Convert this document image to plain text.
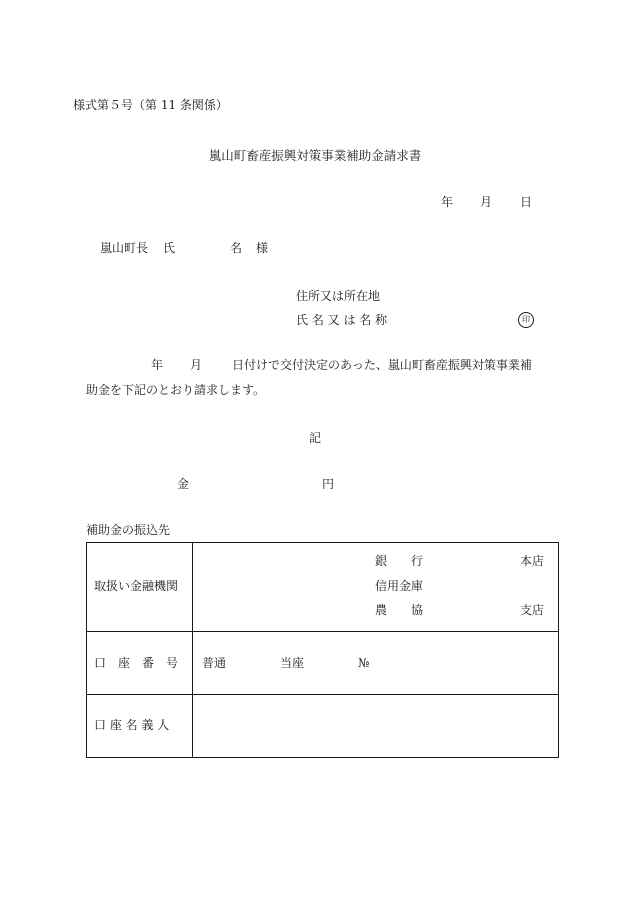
様式第５号（第 11 条関係）
嵐山町畜産振興対策事業補助金請求書
年 月 日
嵐山町長 氏	名 様
住所又は所在地
氏 名 又 は 名 称	印
年 月 日付けで交付決定のあった、嵐山町畜産振興対策事業補
助金を下記のとおり請求します。
記
金	円
補助金の振込先
取扱い金融機関	銀　　行 本店
信用金庫
農　　協 支店

口　座　番　号	普通 当座 №

口 座 名 義 人	
